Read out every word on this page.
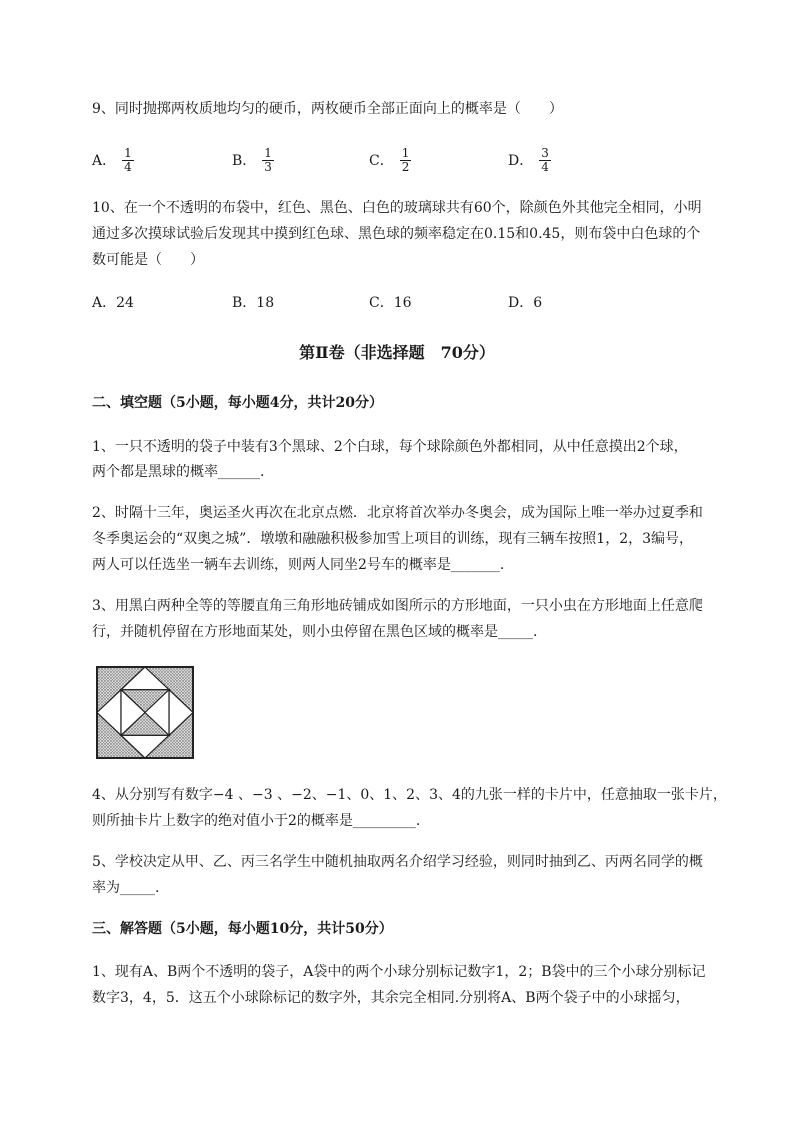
9、同时抛掷两枚质地均匀的硬币，两枚硬币全部正面向上的概率是（　　）
A． $\frac{1}{4}$	B． $\frac{1}{3}$	C． $\frac{1}{2}$	D． $\frac{3}{4}$
10、在一个不透明的布袋中，红色、黑色、白色的玻璃球共有60个，除颜色外其他完全相同，小明
通过多次摸球试验后发现其中摸到红色球、黑色球的频率稳定在0.15和0.45，则布袋中白色球的个
数可能是（　　）
A．24	B．18	C．16	D．6
第Ⅱ卷（非选择题　70分）
二、填空题（5小题，每小题4分，共计20分）
1、一只不透明的袋子中装有3个黑球、2个白球，每个球除颜色外都相同，从中任意摸出2个球，
两个都是黑球的概率______.
2、时隔十三年，奥运圣火再次在北京点燃．北京将首次举办冬奥会，成为国际上唯一举办过夏季和
冬季奥运会的“双奥之城”．墩墩和融融积极参加雪上项目的训练，现有三辆车按照1，2，3编号，
两人可以任选坐一辆车去训练，则两人同坐2号车的概率是_______.
3、用黑白两种全等的等腰直角三角形地砖铺成如图所示的方形地面，一只小虫在方形地面上任意爬
行，并随机停留在方形地面某处，则小虫停留在黑色区域的概率是_____.
4、从分别写有数字−4 、−3 、−2、−1、0、1、2、3、4的九张一样的卡片中，任意抽取一张卡片，
则所抽卡片上数字的绝对值小于2的概率是_________.
5、学校决定从甲、乙、丙三名学生中随机抽取两名介绍学习经验，则同时抽到乙、丙两名同学的概
率为_____.
三、解答题（5小题，每小题10分，共计50分）
1、现有A、B两个不透明的袋子，A袋中的两个小球分别标记数字1，2；B袋中的三个小球分别标记
数字3，4，5．这五个小球除标记的数字外，其余完全相同.分别将A、B两个袋子中的小球摇匀，
